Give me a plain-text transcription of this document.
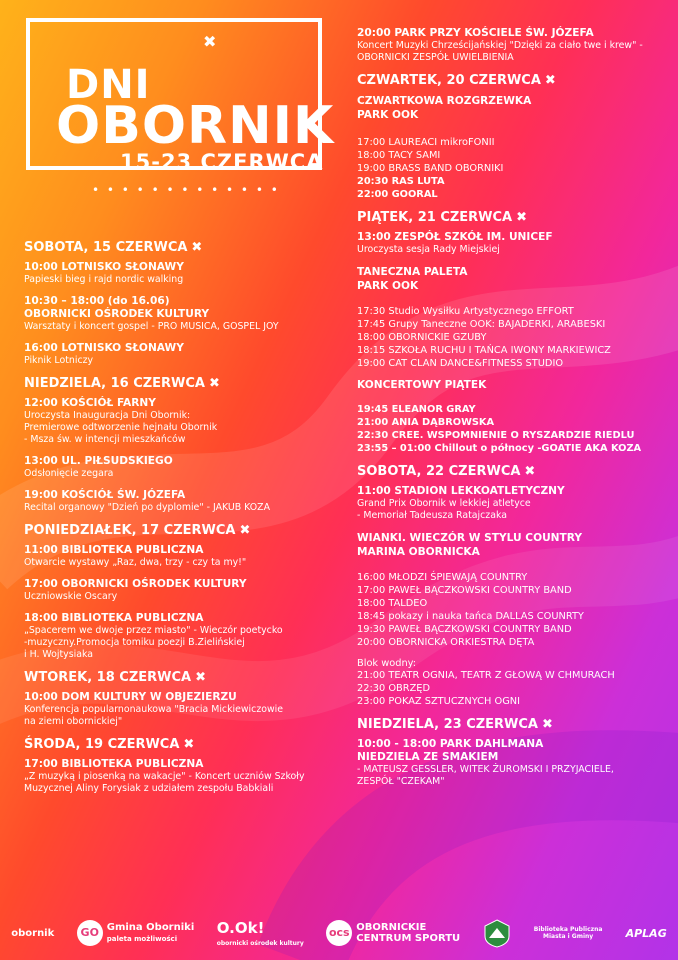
✖
DNI
OBORNIK
15-23 CZERWCA
• • • • • • • • • • • • •
SOBOTA, 15 CZERWCA ✖
10:00 LOTNISKO SŁONAWY
Papieski bieg i rajd nordic walking
10:30 – 18:00 (do 16.06)
OBORNICKI OŚRODEK KULTURY
Warsztaty i koncert gospel - PRO MUSICA, GOSPEL JOY
16:00 LOTNISKO SŁONAWY
Piknik Lotniczy
NIEDZIELA, 16 CZERWCA ✖
12:00 KOŚCIÓŁ FARNY
Uroczysta Inauguracja Dni Obornik:
Premierowe odtworzenie hejnału Obornik
- Msza św. w intencji mieszkańców
13:00 UL. PIŁSUDSKIEGO
Odsłonięcie zegara
19:00 KOŚCIÓŁ ŚW. JÓZEFA
Recital organowy "Dzień po dyplomie" - JAKUB KOZA
PONIEDZIAŁEK, 17 CZERWCA ✖
11:00 BIBLIOTEKA PUBLICZNA
Otwarcie wystawy „Raz, dwa, trzy - czy ta my!"
17:00 OBORNICKI OŚRODEK KULTURY
Uczniowskie Oscary
18:00 BIBLIOTEKA PUBLICZNA
„Spacerem we dwoje przez miasto" - Wieczór poetycko
-muzyczny.Promocja tomiku poezji B.Zielińskiej
i H. Wojtysiaka
WTOREK, 18 CZERWCA ✖
10:00 DOM KULTURY W OBJEZIERZU
Konferencja popularnonaukowa "Bracia Mickiewiczowie
na ziemi obornickiej"
ŚRODA, 19 CZERWCA ✖
17:00 BIBLIOTEKA PUBLICZNA
„Z muzyką i piosenką na wakacje" - Koncert uczniów Szkoły
Muzycznej Aliny Forysiak z udziałem zespołu Babkiali
20:00 PARK PRZY KOŚCIELE ŚW. JÓZEFA
Koncert Muzyki Chrześcijańskiej "Dzięki za ciało twe i krew" -
OBORNICKI ZESPÓŁ UWIELBIENIA
CZWARTEK, 20 CZERWCA ✖
CZWARTKOWA ROZGRZEWKA
PARK OOK
17:00 LAUREACI mikroFONII
18:00 TACY SAMI
19:00 BRASS BAND OBORNIKI
20:30 RAS LUTA
22:00 GOORAL
PIĄTEK, 21 CZERWCA ✖
13:00 ZESPÓŁ SZKÓŁ IM. UNICEF
Uroczysta sesja Rady Miejskiej
TANECZNA PALETA
PARK OOK
17:30 Studio Wysiłku Artystycznego EFFORT
17:45 Grupy Taneczne OOK: BAJADERKI, ARABESKI
18:00 OBORNICKIE GZUBY
18:15 SZKOŁA RUCHU I TAŃCA IWONY MARKIEWICZ
19:00 CAT CLAN DANCE&FITNESS STUDIO
KONCERTOWY PIĄTEK
19:45 ELEANOR GRAY
21:00 ANIA DĄBROWSKA
22:30 CREE. WSPOMNIENIE O RYSZARDZIE RIEDLU
23:55 – 01:00 Chillout o północy -GOATIE AKA KOZA
SOBOTA, 22 CZERWCA ✖
11:00 STADION LEKKOATLETYCZNY
Grand Prix Obornik w lekkiej atletyce
- Memoriał Tadeusza Ratajczaka
WIANKI. WIECZÓR W STYLU COUNTRY
MARINA OBORNICKA
16:00 MŁODZI ŚPIEWAJĄ COUNTRY
17:00 PAWEŁ BĄCZKOWSKI COUNTRY BAND
18:00 TALDEO
18:45 pokazy i nauka tańca DALLAS COUNRTY
19:30 PAWEŁ BĄCZKOWSKI COUNTRY BAND
20:00 OBORNICKA ORKIESTRA DĘTA
Blok wodny:
21:00 TEATR OGNIA, TEATR Z GŁOWĄ W CHMURACH
22:30 OBRZĘD
23:00 POKAZ SZTUCZNYCH OGNI
NIEDZIELA, 23 CZERWCA ✖
10:00 - 18:00 PARK DAHLMANA
NIEDZIELA ZE SMAKIEM
- MATEUSZ GESSLER, WITEK ŻUROMSKI I PRZYJACIELE,
ZESPÓŁ "CZEKAM"
obornik	GO Gmina Oborniki
paleta możliwości
O.Ok!
obornicki ośrodek kultury
ocs OBORNICKIE
CENTRUM SPORTU
Biblioteka Publiczna Miasta i Gminy	APLAG
